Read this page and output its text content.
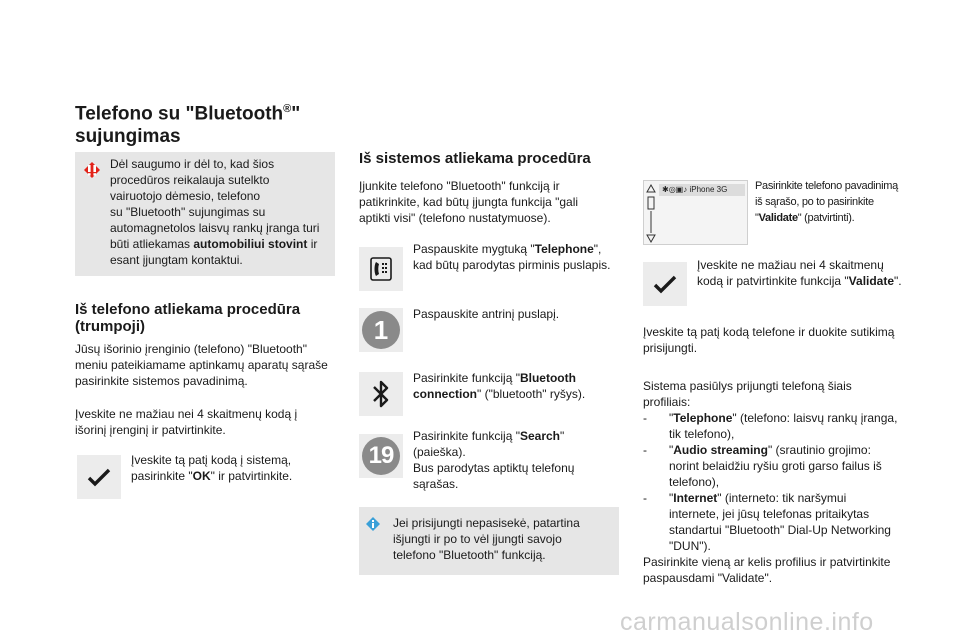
Telefono su "Bluetooth®"
sujungimas
Dėl saugumo ir dėl to, kad šios
procedūros reikalauja sutelkto
vairuotojo dėmesio, telefono
su "Bluetooth" sujungimas su
automagnetolos laisvų rankų įranga turi
būti atliekamas automobiliui stovint ir
esant įjungtam kontaktui.
Iš telefono atliekama procedūra
(trumpoji)
Jūsų išorinio įrenginio (telefono) "Bluetooth"
meniu pateikiamame aptinkamų aparatų sąraše
pasirinkite sistemos pavadinimą.
Įveskite ne mažiau nei 4 skaitmenų kodą į
išorinį įrenginį ir patvirtinkite.
Įveskite tą patį kodą į sistemą,
pasirinkite "OK" ir patvirtinkite.
Iš sistemos atliekama procedūra
Įjunkite telefono "Bluetooth" funkciją ir
patikrinkite, kad būtų įjungta funkcija "gali
aptikti visi" (telefono nustatymuose).
Paspauskite mygtuką "Telephone",
kad būtų parodytas pirminis puslapis.
1
Paspauskite antrinį puslapį.
Pasirinkite funkciją "Bluetooth
connection" ("bluetooth" ryšys).
19
Pasirinkite funkciją "Search"
(paieška).
Bus parodytas aptiktų telefonų
sąrašas.
Jei prisijungti nepasisekė, patartina
išjungti ir po to vėl įjungti savojo
telefono "Bluetooth" funkciją.
✱◎▣♪ iPhone 3G	Pasirinkite telefono pavadinimą
iš sąrašo, po to pasirinkite
"Validate" (patvirtinti).
Įveskite ne mažiau nei 4 skaitmenų
kodą ir patvirtinkite funkcija "Validate".
Įveskite tą patį kodą telefone ir duokite sutikimą
prisijungti.
Sistema pasiūlys prijungti telefoną šiais
profiliais:
- "Telephone" (telefono: laisvų rankų įranga,
tik telefono),
- "Audio streaming" (srautinio grojimo:
norint belaidžiu ryšiu groti garso failus iš
telefono),
- "Internet" (interneto: tik naršymui
internete, jei jūsų telefonas pritaikytas
standartui "Bluetooth" Dial-Up Networking
"DUN").
Pasirinkite vieną ar kelis profilius ir patvirtinkite
paspausdami "Validate".
carmanualsonline.info
